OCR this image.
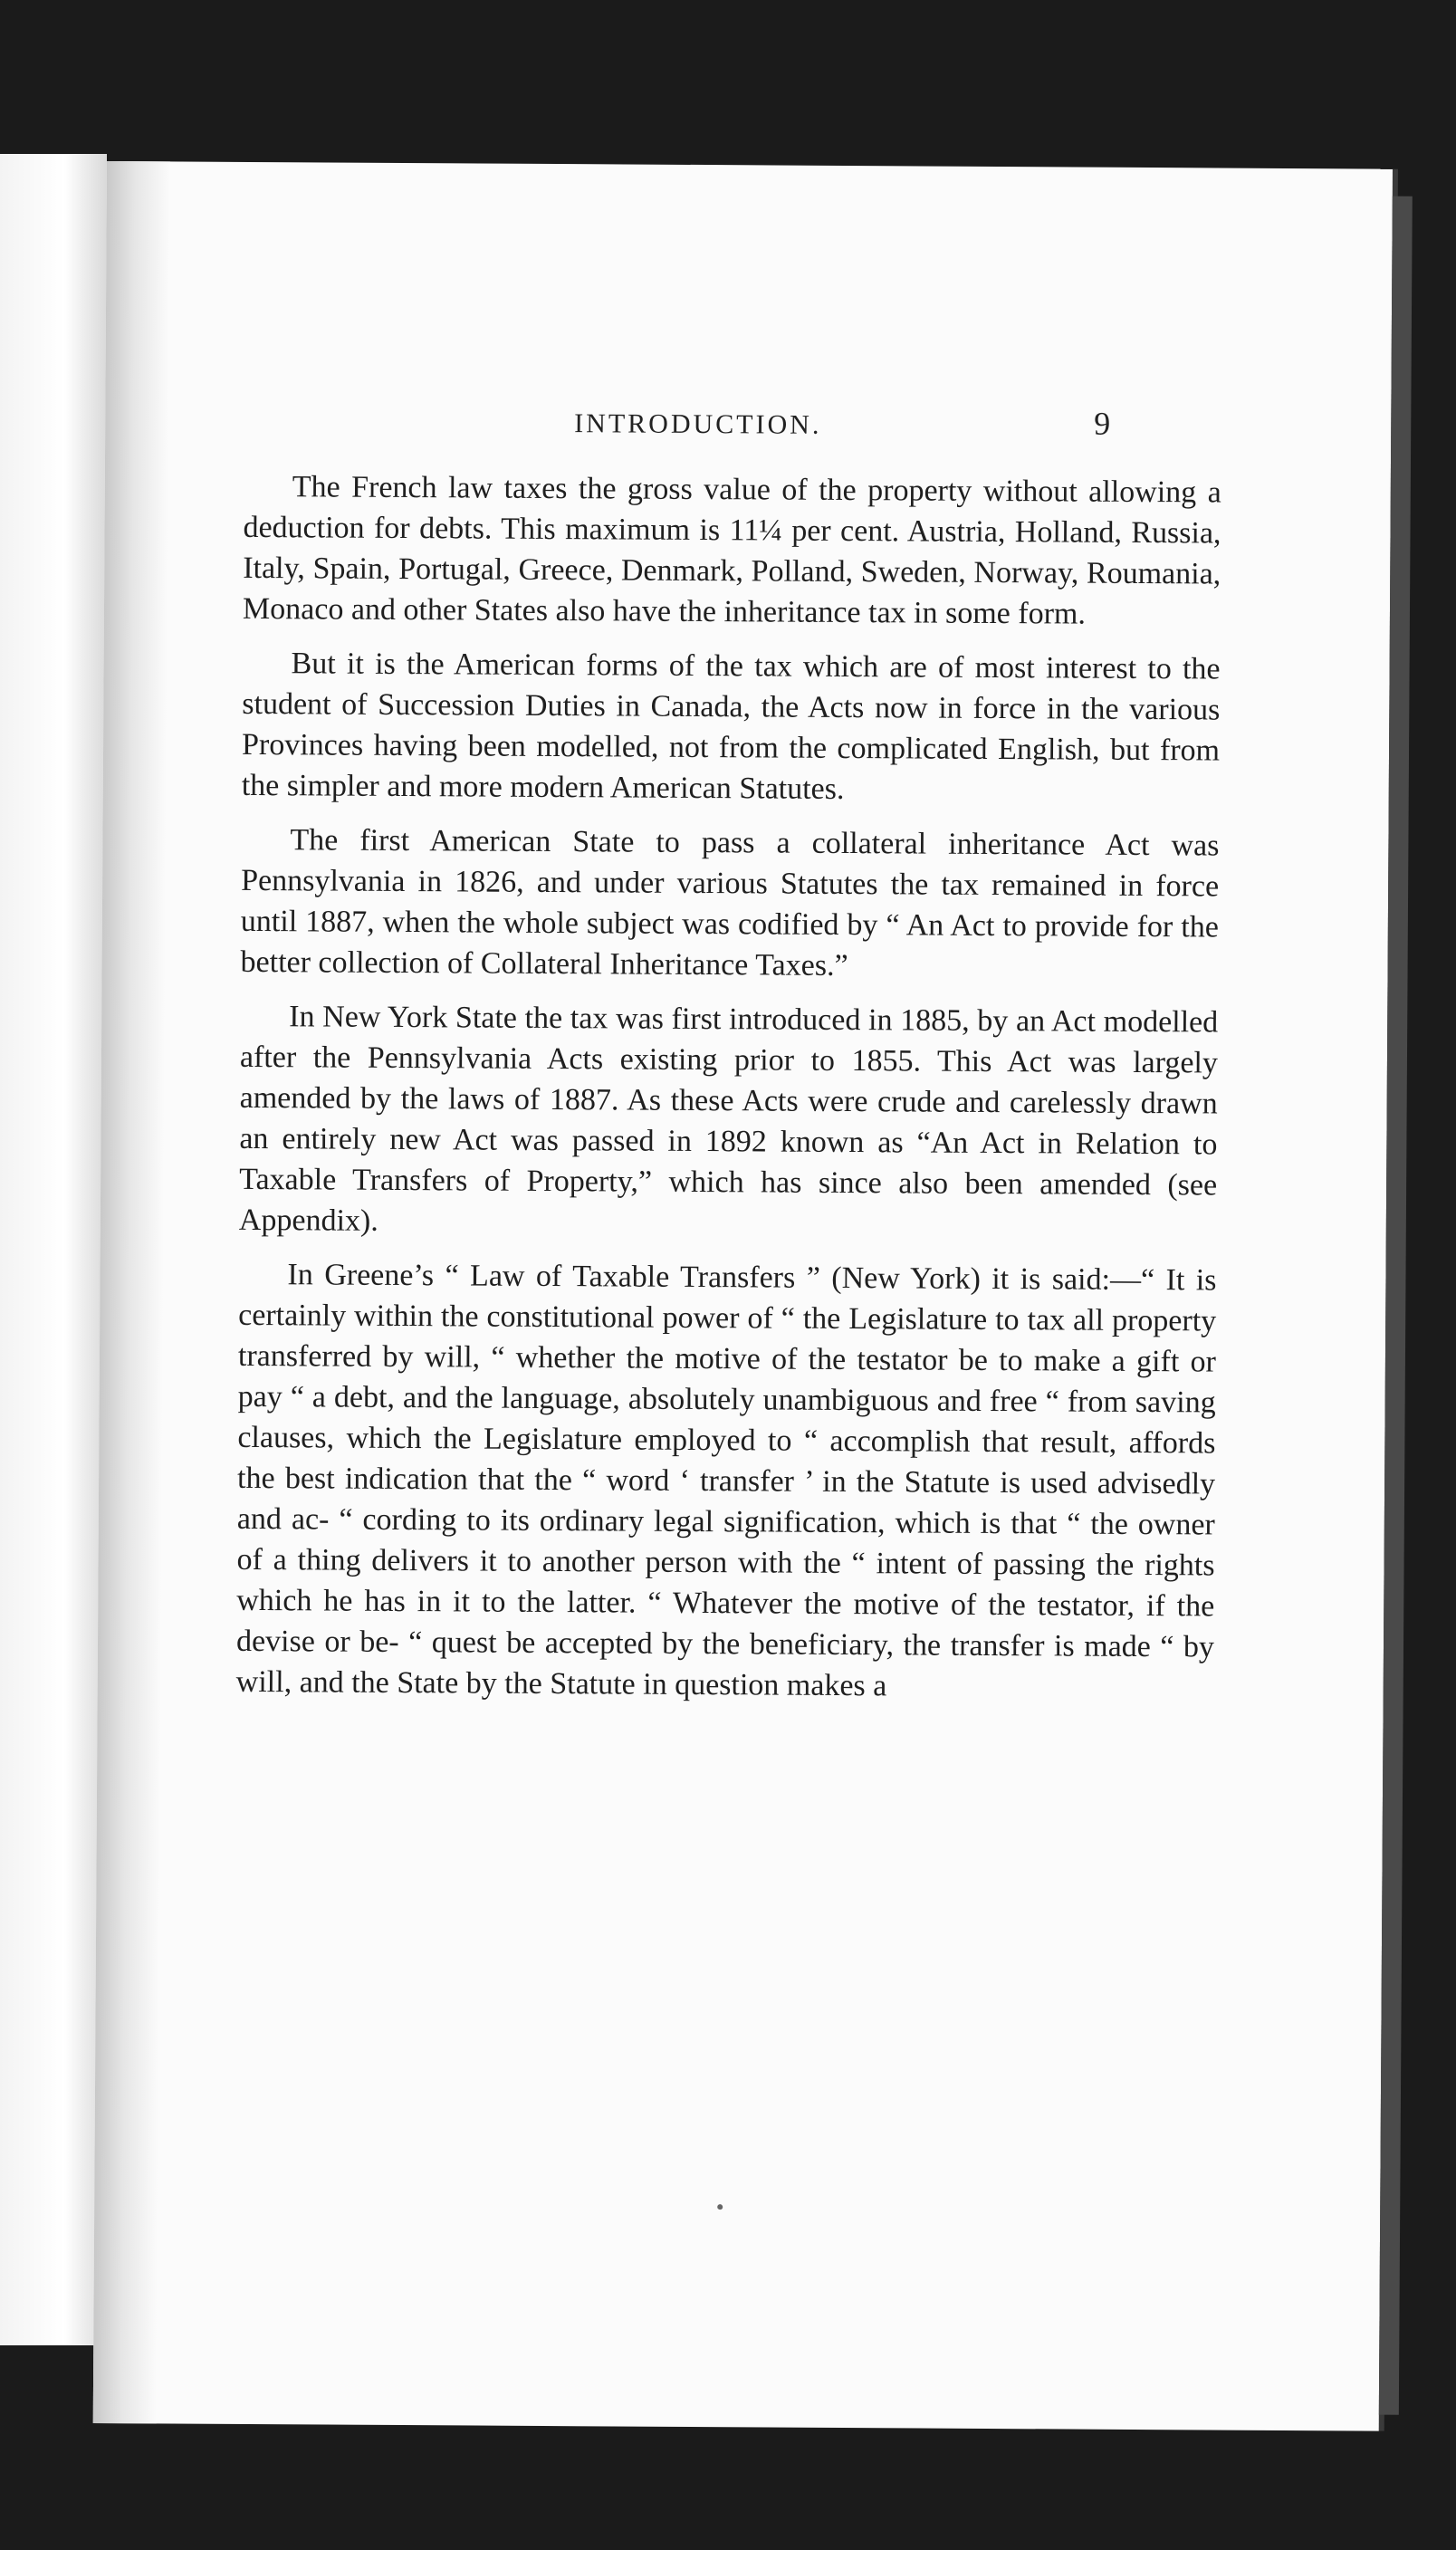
INTRODUCTION.	9

The French law taxes the gross value of the property without allowing a deduction for debts. This maximum is 11¼ per cent. Austria, Holland, Russia, Italy, Spain, Portugal, Greece, Denmark, Polland, Sweden, Norway, Roumania, Monaco and other States also have the inheritance tax in some form.

But it is the American forms of the tax which are of most interest to the student of Succession Duties in Canada, the Acts now in force in the various Provinces having been modelled, not from the complicated English, but from the simpler and more modern American Statutes.

The first American State to pass a collateral inheritance Act was Pennsylvania in 1826, and under various Statutes the tax remained in force until 1887, when the whole subject was codified by “ An Act to provide for the better collection of Collateral Inheritance Taxes.”

In New York State the tax was first introduced in 1885, by an Act modelled after the Pennsylvania Acts existing prior to 1855. This Act was largely amended by the laws of 1887. As these Acts were crude and carelessly drawn an entirely new Act was passed in 1892 known as “An Act in Relation to Taxable Transfers of Property,” which has since also been amended (see Appendix).

In Greene’s “ Law of Taxable Transfers ” (New York) it is said:—“ It is certainly within the constitutional power of “ the Legislature to tax all property transferred by will, “ whether the motive of the testator be to make a gift or pay “ a debt, and the language, absolutely unambiguous and free “ from saving clauses, which the Legislature employed to “ accomplish that result, affords the best indication that the “ word ‘ transfer ’ in the Statute is used advisedly and ac- “ cording to its ordinary legal signification, which is that “ the owner of a thing delivers it to another person with the “ intent of passing the rights which he has in it to the latter. “ Whatever the motive of the testator, if the devise or be- “ quest be accepted by the beneficiary, the transfer is made “ by will, and the State by the Statute in question makes a
